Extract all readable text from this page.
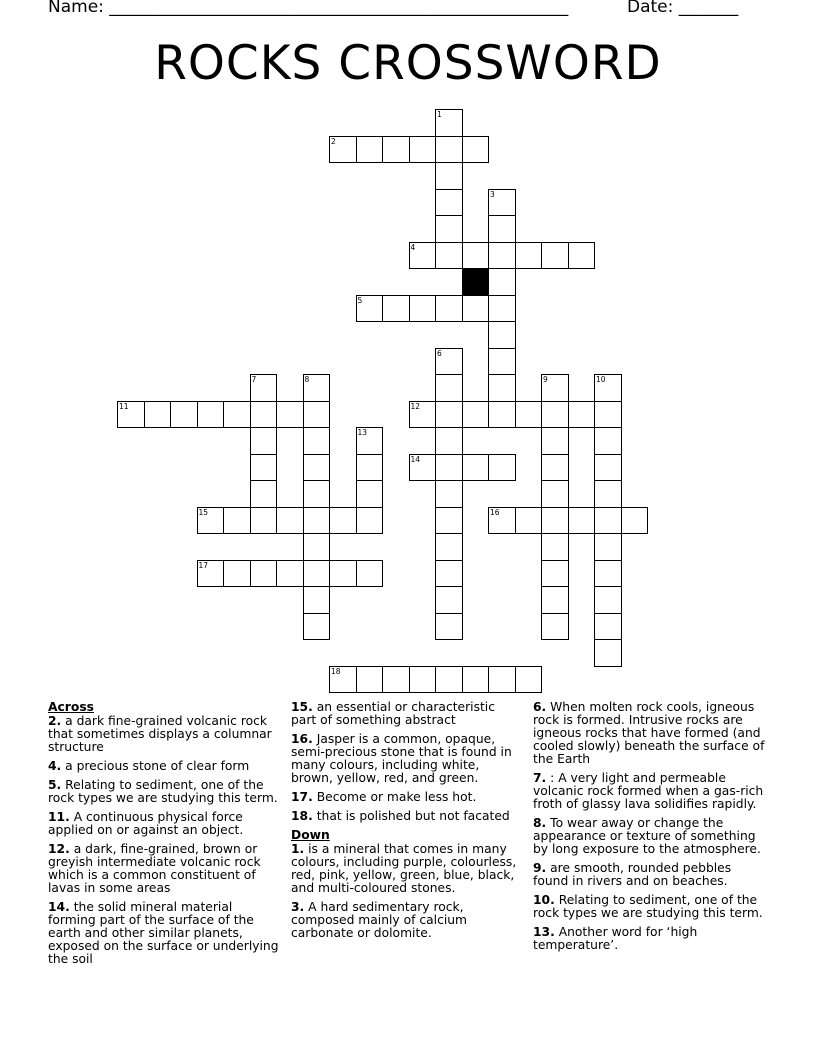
Name: ______________________________________________________	Date: _______
ROCKS CROSSWORD
1
2
3
4
5
6
7	8	9	10
11	12
13
14
15	16
17
18
Across
2. a dark fine-grained volcanic rock that sometimes displays a columnar structure
4. a precious stone of clear form
5. Relating to sediment, one of the rock types we are studying this term.
11. A continuous physical force applied on or against an object.
12. a dark, fine-grained, brown or greyish intermediate volcanic rock which is a common constituent of lavas in some areas
14. the solid mineral material forming part of the surface of the earth and other similar planets, exposed on the surface or underlying the soil
15. an essential or characteristic part of something abstract
16. Jasper is a common, opaque, semi-precious stone that is found in many colours, including white, brown, yellow, red, and green.
17. Become or make less hot.
18. that is polished but not facated
Down
1. is a mineral that comes in many colours, including purple, colourless, red, pink, yellow, green, blue, black, and multi-coloured stones.
3. A hard sedimentary rock, composed mainly of calcium carbonate or dolomite.
6. When molten rock cools, igneous rock is formed. Intrusive rocks are igneous rocks that have formed (and cooled slowly) beneath the surface of the Earth
7. : A very light and permeable volcanic rock formed when a gas-rich froth of glassy lava solidifies rapidly.
8. To wear away or change the appearance or texture of something by long exposure to the atmosphere.
9. are smooth, rounded pebbles found in rivers and on beaches.
10. Relating to sediment, one of the rock types we are studying this term.
13. Another word for ‘high temperature’.
